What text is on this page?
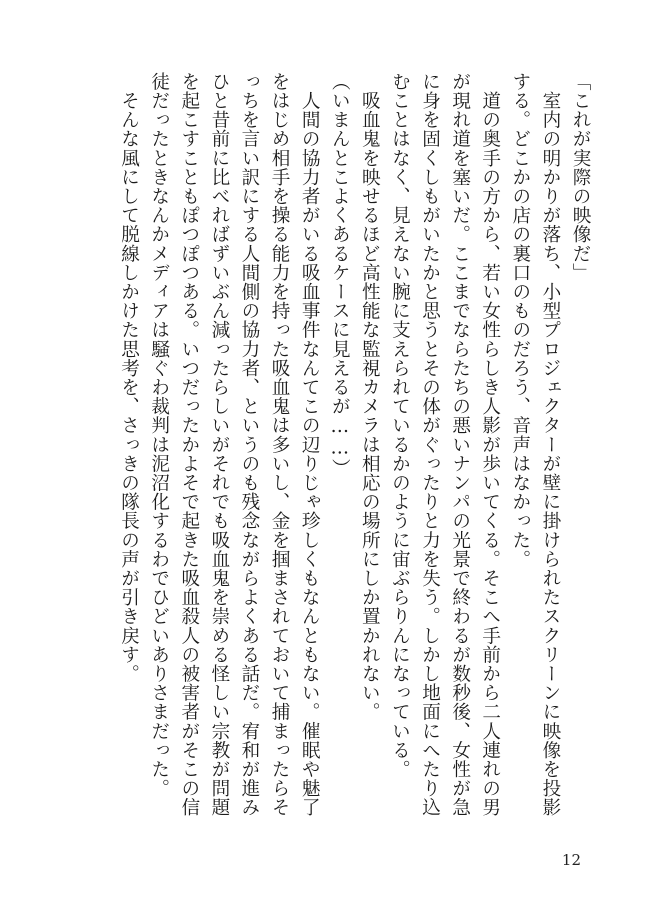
「これが実際の映像だ」

　室内の明かりが落ち、小型プロジェクターが壁に掛けられたスクリーンに映像を投影

する。どこかの店の裏口のものだろう、音声はなかった。

　道の奥手の方から、若い女性らしき人影が歩いてくる。そこへ手前から二人連れの男

が現れ道を塞いだ。ここまでならたちの悪いナンパの光景で終わるが数秒後、女性が急

に身を固くしもがいたかと思うとその体がぐったりと力を失う。しかし地面にへたり込

むことはなく、見えない腕に支えられているかのように宙ぶらりんになっている。

　吸血鬼を映せるほど高性能な監視カメラは相応の場所にしか置かれない。

（いまんとこよくあるケースに見えるが……）

　人間の協力者がいる吸血事件なんてこの辺りじゃ珍しくもなんともない。催眠や魅了

をはじめ相手を操る能力を持った吸血鬼は多いし、金を掴まされておいて捕まったらそ

っちを言い訳にする人間側の協力者、というのも残念ながらよくある話だ。宥和が進み

ひと昔前に比べればずいぶん減ったらしいがそれでも吸血鬼を崇める怪しい宗教が問題

を起こすこともぽつぽつある。いつだったかよそで起きた吸血殺人の被害者がそこの信

徒だったときなんかメディアは騒ぐわ裁判は泥沼化するわでひどいありさまだった。

　そんな風にして脱線しかけた思考を、さっきの隊長の声が引き戻す。

12
